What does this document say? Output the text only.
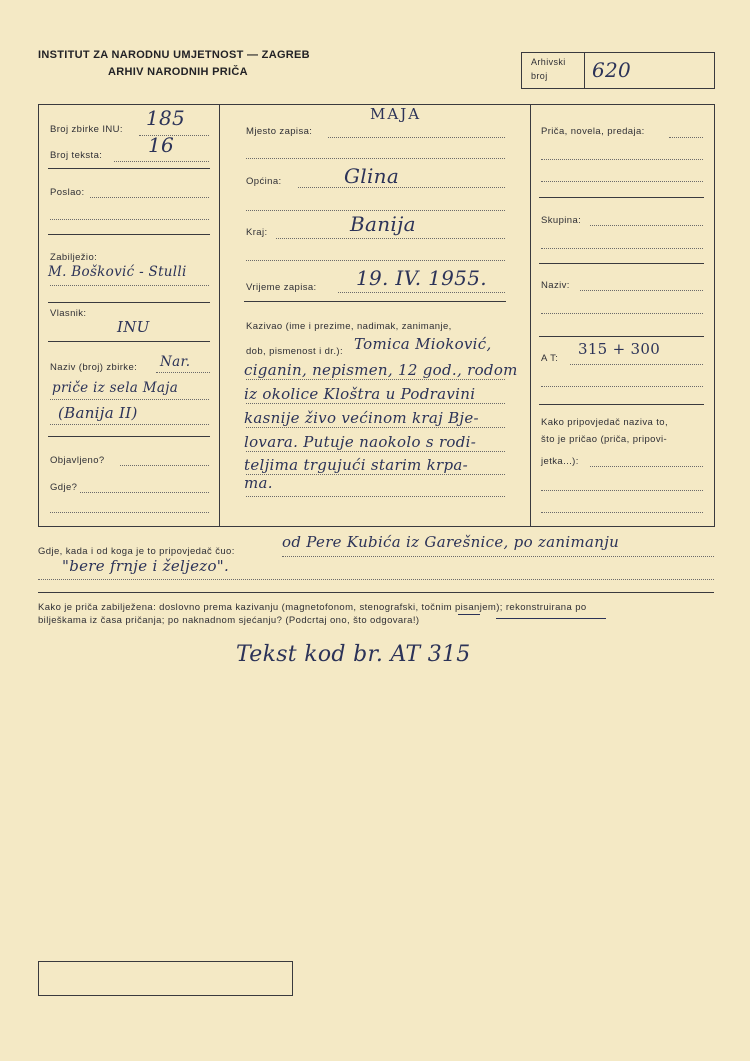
INSTITUT ZA NARODNU UMJETNOST — ZAGREB
ARHIV NARODNIH PRIČA
Arhivski
broj 620
Broj zbirke INU: 185
Broj teksta: 16
Poslao:
Zabilježio:
M. Bošković - Stulli
Vlasnik:
INU
Naziv (broj) zbirke: Nar.
priče iz sela Maja
(Banija II)
Objavljeno?
Gdje?
Mjesto zapisa:
MAJA
Općina:	Glina
Kraj:	Banija
Vrijeme zapisa: 19. IV. 1955.
Kazivao (ime i prezime, nadimak, zanimanje,
dob, pismenost i dr.): Tomica Mioković,
ciganin, nepismen, 12 god., rodom
iz okolice Kloštra u Podravini
kasnije živo većinom kraj Bje-
lovara. Putuje naokolo s rodi-
teljima trgujući starim krpa-
ma.
Priča, novela, predaja:
Skupina:
Naziv:
A T:
315 + 300
Kako pripovjedač naziva to,
što je pričao (priča, pripovi-
jetka...):
Gdje, kada i od koga je to pripovjedač čuo:
od Pere Kubića iz Garešnice, po zanimanju
"bere frnje i željezo".
Kako je priča zabilježena: doslovno prema kazivanju (magnetofonom, stenografski, točnim pisanjem); rekonstruirana po
bilješkama iz časa pričanja; po naknadnom sjećanju? (Podcrtaj ono, što odgovara!)
Tekst kod br. AT 315
